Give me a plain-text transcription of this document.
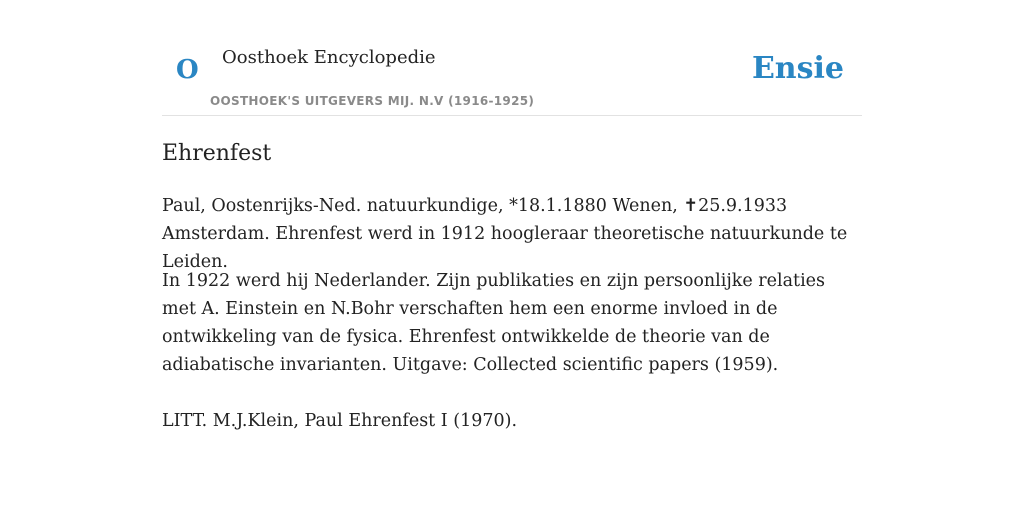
O Oosthoek Encyclopedie
OOSTHOEK'S UITGEVERS MIJ. N.V (1916-1925)
Ensie
Ehrenfest

Paul, Oostenrijks-Ned. natuurkundige, *18.1.1880 Wenen, ✝25.9.1933 Amsterdam. Ehrenfest werd in 1912 hoogleraar theoretische natuurkunde te Leiden.

In 1922 werd hij Nederlander. Zijn publikaties en zijn persoonlijke relaties met A. Einstein en N.Bohr verschaften hem een enorme invloed in de ontwikkeling van de fysica. Ehrenfest ontwikkelde de theorie van de adiabatische invarianten. Uitgave: Collected scientific papers (1959).

LITT. M.J.Klein, Paul Ehrenfest I (1970).
